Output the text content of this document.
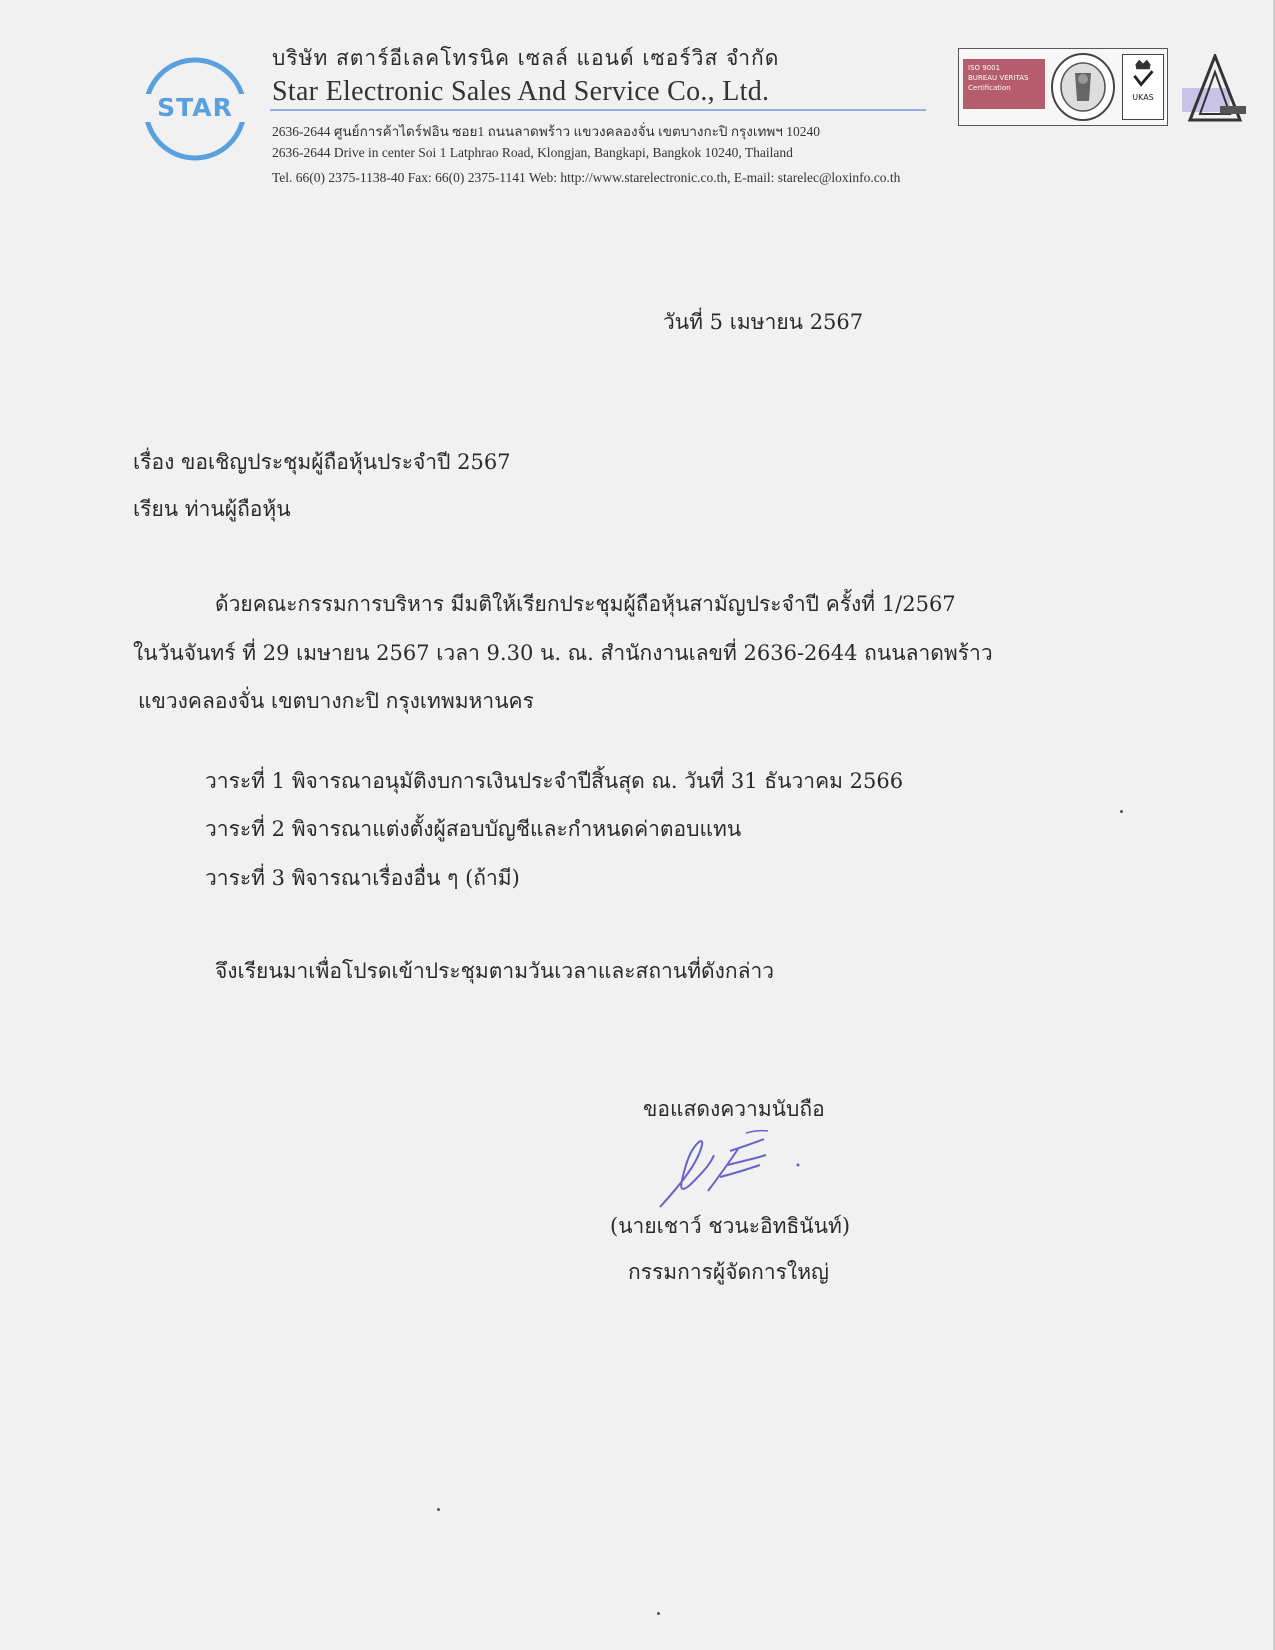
STAR
บริษัท สตาร์อีเลคโทรนิค เซลล์ แอนด์ เซอร์วิส จำกัด
Star Electronic Sales And Service Co., Ltd.
2636-2644 ศูนย์การค้าไดร์ฟอิน ซอย1 ถนนลาดพร้าว แขวงคลองจั่น เขตบางกะปิ กรุงเทพฯ 10240
2636-2644 Drive in center Soi 1 Latphrao Road, Klongjan, Bangkapi, Bangkok 10240, Thailand
Tel. 66(0) 2375-1138-40 Fax: 66(0) 2375-1141 Web: http://www.starelectronic.co.th, E-mail: starelec@loxinfo.co.th
ISO 9001
BUREAU VERITAS
Certification
UKAS
วันที่ 5 เมษายน 2567
เรื่อง ขอเชิญประชุมผู้ถือหุ้นประจำปี 2567
เรียน ท่านผู้ถือหุ้น
ด้วยคณะกรรมการบริหาร มีมติให้เรียกประชุมผู้ถือหุ้นสามัญประจำปี ครั้งที่ 1/2567
ในวันจันทร์ ที่ 29 เมษายน 2567 เวลา 9.30 น. ณ. สำนักงานเลขที่ 2636-2644 ถนนลาดพร้าว
แขวงคลองจั่น เขตบางกะปิ กรุงเทพมหานคร
วาระที่ 1 พิจารณาอนุมัติงบการเงินประจำปีสิ้นสุด ณ. วันที่ 31 ธันวาคม 2566
วาระที่ 2 พิจารณาแต่งตั้งผู้สอบบัญชีและกำหนดค่าตอบแทน
วาระที่ 3 พิจารณาเรื่องอื่น ๆ (ถ้ามี)
จึงเรียนมาเพื่อโปรดเข้าประชุมตามวันเวลาและสถานที่ดังกล่าว
ขอแสดงความนับถือ
(นายเชาว์ ชวนะอิทธินันท์)
กรรมการผู้จัดการใหญ่
